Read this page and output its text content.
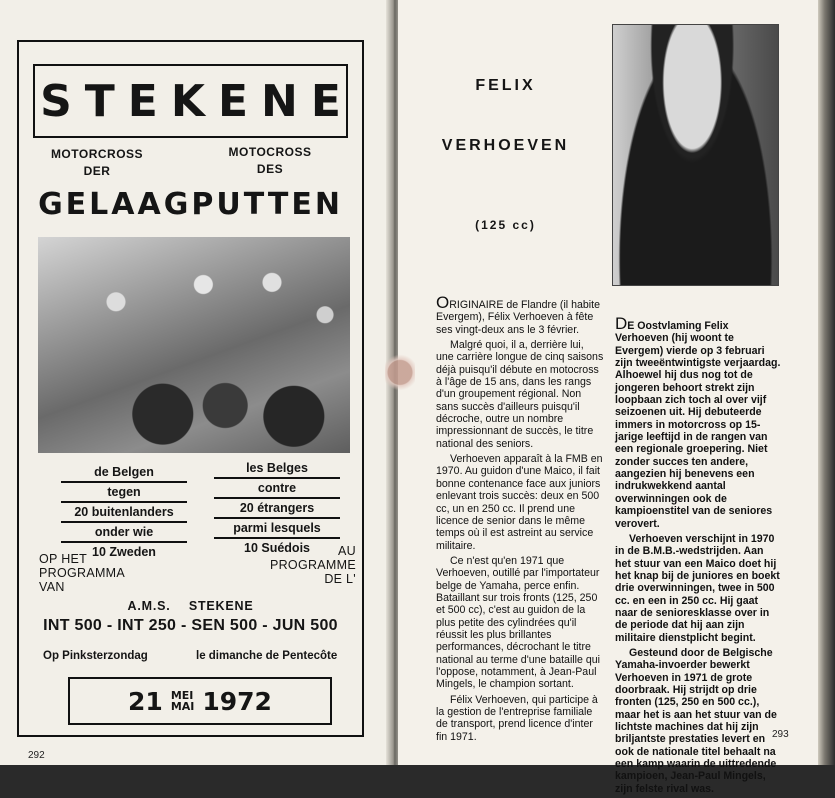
STEKENE
MOTORCROSS
DER
MOTOCROSS
DES
GELAAGPUTTEN
de Belgen
tegen
20 buitenlanders
onder wie
10 Zweden
les Belges
contre
20 étrangers
parmi lesquels
10 Suédois
OP HET
PROGRAMMA
VAN
AU
PROGRAMME
DE L'
A.M.S. STEKENE
INT 500 - INT 250 - SEN 500 - JUN 500
Op Pinksterzondag	le dimanche de Pentecôte
21 MEI
MAI 1972
292
FELIX
VERHOEVEN
(125 cc)

ORIGINAIRE de Flandre (il habite Evergem), Félix Verhoeven à fête ses vingt-deux ans le 3 février.

Malgré quoi, il a, derrière lui, une carrière longue de cinq saisons déjà puisqu'il débute en motocross à l'âge de 15 ans, dans les rangs d'un groupement régional. Non sans succès d'ailleurs puisqu'il décroche, outre un nombre impressionnant de succès, le titre national des seniors.

Verhoeven apparaît à la FMB en 1970. Au guidon d'une Maico, il fait bonne contenance face aux juniors enlevant trois succès: deux en 500 cc, un en 250 cc. Il prend une licence de senior dans le même temps où il est astreint au service militaire.

Ce n'est qu'en 1971 que Verhoeven, outillé par l'importateur belge de Yamaha, perce enfin. Bataillant sur trois fronts (125, 250 et 500 cc), c'est au guidon de la plus petite des cylindrées qu'il réussit les plus brillantes performances, décrochant le titre national au terme d'une bataille qui l'oppose, notamment, à Jean-Paul Mingels, le champion sortant.

Félix Verhoeven, qui participe à la gestion de l'entreprise familiale de transport, prend licence d'inter fin 1971.

DE Oostvlaming Felix Verhoeven (hij woont te Evergem) vierde op 3 februari zijn tweeëntwintigste verjaardag. Alhoewel hij dus nog tot de jongeren behoort strekt zijn loopbaan zich toch al over vijf seizoenen uit. Hij debuteerde immers in motorcross op 15-jarige leeftijd in de rangen van een regionale groepering. Niet zonder succes ten andere, aangezien hij benevens een indrukwekkend aantal overwinningen ook de kampioenstitel van de seniores verovert.

Verhoeven verschijnt in 1970 in de B.M.B.-wedstrijden. Aan het stuur van een Maico doet hij het knap bij de juniores en boekt drie overwinningen, twee in 500 cc. en een in 250 cc. Hij gaat naar de senioresklasse over in de periode dat hij aan zijn militaire dienstplicht begint.

Gesteund door de Belgische Yamaha-invoerder bewerkt Verhoeven in 1971 de grote doorbraak. Hij strijdt op drie fronten (125, 250 en 500 cc.), maar het is aan het stuur van de lichtste machines dat hij zijn briljantste prestaties levert en ook de nationale titel behaalt na een kamp waarin de uittredende kampioen, Jean-Paul Mingels, zijn felste rival was.

293
